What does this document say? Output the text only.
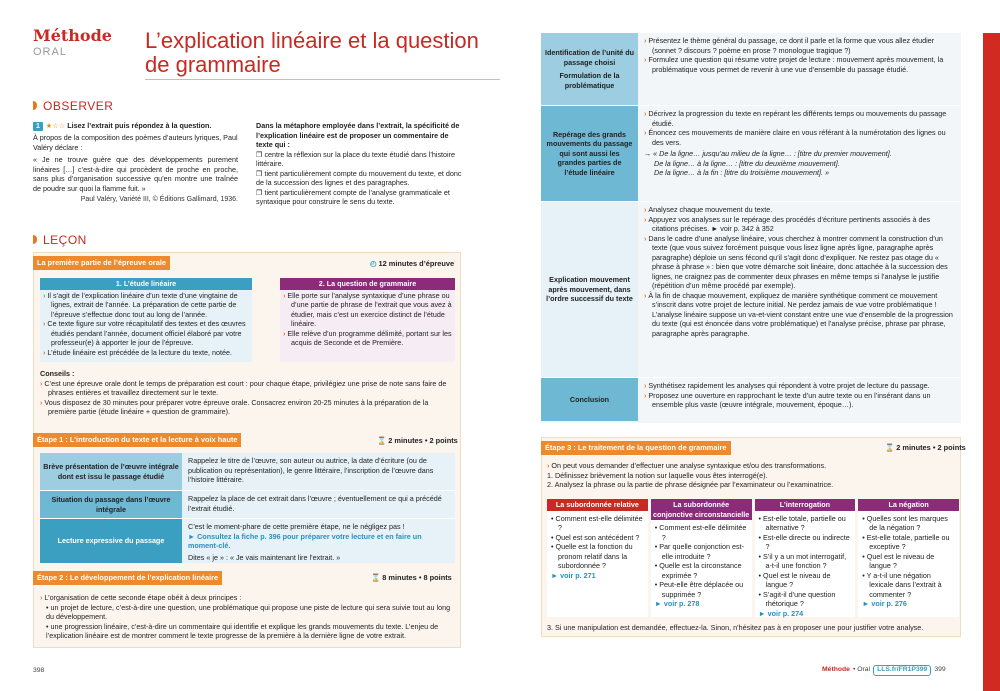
Méthode
ORAL	L’explication linéaire et la question de grammaire
OBSERVER
1 ★☆☆ Lisez l’extrait puis répondez à la question.
À propos de la composition des poèmes d’auteurs lyriques, Paul Valéry déclare :
« Je ne trouve guère que des développements purement linéaires […] c’est-à-dire qui procèdent de proche en proche, sans plus d’organisation successive qu’en montre une traînée de poudre sur quoi la flamme fuit. »
Paul Valéry, Variété III, © Éditions Gallimard, 1936.
Dans la métaphore employée dans l’extrait, la spécificité de l’explication linéaire est de proposer un commentaire de texte qui :
❒ centre la réflexion sur la place du texte étudié dans l’histoire littéraire.
❒ tient particulièrement compte du mouvement du texte, et donc de la succession des lignes et des paragraphes.
❒ tient particulièrement compte de l’analyse grammaticale et syntaxique pour construire le sens du texte.
LEÇON
La première partie de l’épreuve orale	◴ 12 minutes d’épreuve
1. L’étude linéaire
› Il s’agit de l’explication linéaire d’un texte d’une vingtaine de lignes, extrait de l’année. La préparation de cette partie de l’épreuve s’effectue donc tout au long de l’année.
› Ce texte figure sur votre récapitulatif des textes et des œuvres étudiés pendant l’année, document officiel élaboré par votre professeur(e) à apporter le jour de l’épreuve.
› L’étude linéaire est précédée de la lecture du texte, notée.
2. La question de grammaire
› Elle porte sur l’analyse syntaxique d’une phrase ou d’une partie de phrase de l’extrait que vous avez à étudier, mais c’est un exercice distinct de l’étude linéaire.
› Elle relève d’un programme délimité, portant sur les acquis de Seconde et de Première.
Conseils :
› C’est une épreuve orale dont le temps de préparation est court : pour chaque étape, privilégiez une prise de note sans faire de phrases entières et travaillez directement sur le texte.
› Vous disposez de 30 minutes pour préparer votre épreuve orale. Consacrez environ 20-25 minutes à la préparation de la première partie (étude linéaire + question de grammaire).
Étape 1 : L’introduction du texte et la lecture à voix haute	⌛ 2 minutes • 2 points
Brève présentation de l’œuvre intégrale dont est issu le passage étudié
Rappelez le titre de l’œuvre, son auteur ou autrice, la date d’écriture (ou de publication ou représentation), le genre littéraire, l’inscription de l’œuvre dans l’histoire littéraire.
Situation du passage dans l’œuvre intégrale
Rappelez la place de cet extrait dans l’œuvre ; éventuellement ce qui a précédé l’extrait étudié.
Lecture expressive du passage
C’est le moment-phare de cette première étape, ne le négligez pas !
► Consultez la fiche p. 396 pour préparer votre lecture et en faire un moment-clé.
Dites « je » : « Je vais maintenant lire l’extrait. »
Étape 2 : Le développement de l’explication linéaire	⌛ 8 minutes • 8 points
› L’organisation de cette seconde étape obéit à deux principes :
• un projet de lecture, c’est-à-dire une question, une problématique qui propose une piste de lecture qui sera suivie tout au long du développement.
• une progression linéaire, c’est-à-dire un commentaire qui identifie et explique les grands mouvements du texte. L’enjeu de l’explication linéaire est de montrer comment le texte progresse de la première à la dernière ligne de votre extrait.
Identification de l’unité du passage choisi
Formulation de la problématique
› Présentez le thème général du passage, ce dont il parle et la forme que vous allez étudier (sonnet ? discours ? poème en prose ? monologue tragique ?)
› Formulez une question qui résume votre projet de lecture : mouvement après mouvement, la problématique vous permet de revenir à une vue d’ensemble du passage étudié.
Repérage des grands mouvements du passage qui sont aussi les grandes parties de l’étude linéaire
› Décrivez la progression du texte en repérant les différents temps ou mouvements du passage étudié.
› Énoncez ces mouvements de manière claire en vous référant à la numérotation des lignes ou des vers.
→ « De la ligne… jusqu’au milieu de la ligne… : [titre du premier mouvement].
De la ligne… à la ligne… : [titre du deuxième mouvement].
De la ligne… à la fin : [titre du troisième mouvement]. »
Explication mouvement après mouvement, dans l’ordre successif du texte
› Analysez chaque mouvement du texte.
› Appuyez vos analyses sur le repérage des procédés d’écriture pertinents associés à des citations précises. ► voir p. 342 à 352
› Dans le cadre d’une analyse linéaire, vous cherchez à montrer comment la construction d’un texte (que vous suivez forcément puisque vous lisez ligne après ligne, paragraphe après paragraphe) déploie un sens fécond qu’il s’agit donc d’expliquer. Ne restez pas otage du « phrase à phrase » : bien que votre démarche soit linéaire, donc attachée à la succession des lignes, ne craignez pas de commenter deux phrases en même temps si l’analyse le justifie (répétition d’un même procédé par exemple).
› À la fin de chaque mouvement, expliquez de manière synthétique comment ce mouvement s’inscrit dans votre projet de lecture initial. Ne perdez jamais de vue votre problématique ! L’analyse linéaire suppose un va-et-vient constant entre une vue d’ensemble de la progression du texte (qui est énoncée dans votre problématique) et l’analyse précise, phrase par phrase, paragraphe après paragraphe.
Conclusion
› Synthétisez rapidement les analyses qui répondent à votre projet de lecture du passage.
› Proposez une ouverture en rapprochant le texte d’un autre texte ou en l’insérant dans un ensemble plus vaste (œuvre intégrale, mouvement, époque…).
Étape 3 : Le traitement de la question de grammaire	⌛ 2 minutes • 2 points
› On peut vous demander d’effectuer une analyse syntaxique et/ou des transformations.
1. Définissez brièvement la notion sur laquelle vous êtes interrogé(e).
2. Analysez la phrase ou la partie de phrase désignée par l’examinateur ou l’examinatrice.
La subordonnée relative
• Comment est-elle délimitée ?
• Quel est son antécédent ?
• Quelle est la fonction du pronom relatif dans la subordonnée ?
► voir p. 271
La subordonnée conjonctive circonstancielle
• Comment est-elle délimitée ?
• Par quelle conjonction est-elle introduite ?
• Quelle est la circonstance exprimée ?
• Peut-elle être déplacée ou supprimée ?
► voir p. 278
L’interrogation
• Est-elle totale, partielle ou alternative ?
• Est-elle directe ou indirecte ?
• S’il y a un mot interrogatif, a-t-il une fonction ?
• Quel est le niveau de langue ?
• S’agit-il d’une question rhétorique ?
► voir p. 274
La négation
• Quelles sont les marques de la négation ?
• Est-elle totale, partielle ou exceptive ?
• Quel est le niveau de langue ?
• Y a-t-il une négation lexicale dans l’extrait à commenter ?
► voir p. 276
3. Si une manipulation est demandée, effectuez-la. Sinon, n’hésitez pas à en proposer une pour justifier votre analyse.
398	Méthode • Oral	LLS.fr/FR1P399	399
